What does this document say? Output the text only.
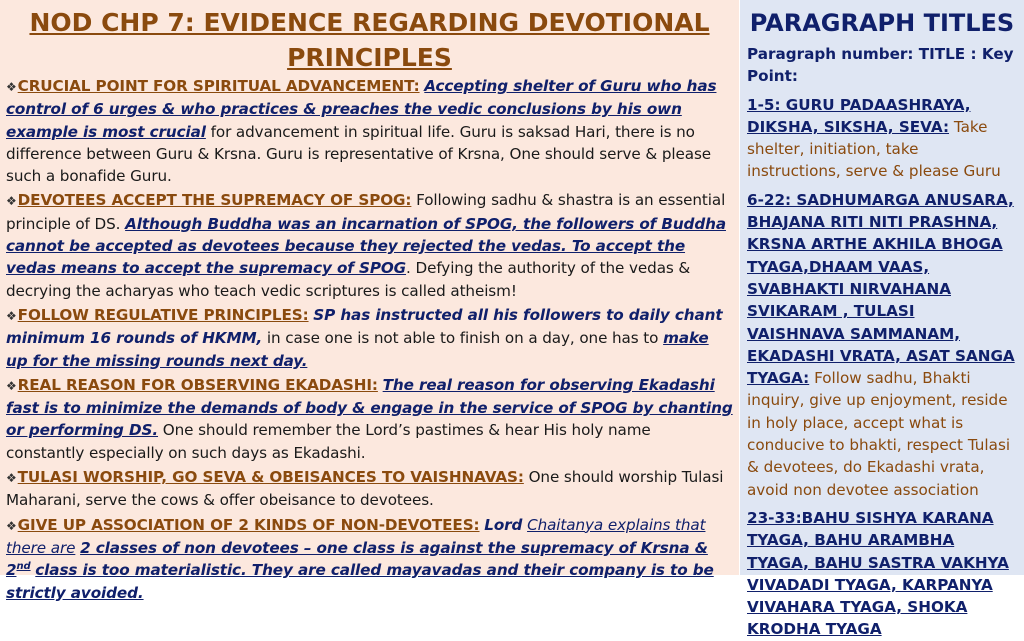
NOD CHP 7: EVIDENCE REGARDING DEVOTIONAL PRINCIPLES
❖CRUCIAL POINT FOR SPIRITUAL ADVANCEMENT: Accepting shelter of Guru who has control of 6 urges & who practices & preaches the vedic conclusions by his own example is most crucial for advancement in spiritual life. Guru is saksad Hari, there is no difference between Guru & Krsna. Guru is representative of Krsna, One should serve & please such a bonafide Guru.
❖DEVOTEES ACCEPT THE SUPREMACY OF SPOG: Following sadhu & shastra is an essential principle of DS. Although Buddha was an incarnation of SPOG, the followers of Buddha cannot be accepted as devotees because they rejected the vedas. To accept the vedas means to accept the supremacy of SPOG. Defying the authority of the vedas & decrying the acharyas who teach vedic scriptures is called atheism!
❖FOLLOW REGULATIVE PRINCIPLES: SP has instructed all his followers to daily chant minimum 16 rounds of HKMM, in case one is not able to finish on a day, one has to make up for the missing rounds next day.
❖REAL REASON FOR OBSERVING EKADASHI: The real reason for observing Ekadashi fast is to minimize the demands of body & engage in the service of SPOG by chanting or performing DS. One should remember the Lord’s pastimes & hear His holy name constantly especially on such days as Ekadashi.
❖TULASI WORSHIP, GO SEVA & OBEISANCES TO VAISHNAVAS: One should worship Tulasi Maharani, serve the cows & offer obeisance to devotees.
❖GIVE UP ASSOCIATION OF 2 KINDS OF NON-DEVOTEES: Lord Chaitanya explains that there are 2 classes of non devotees – one class is against the supremacy of Krsna & 2nd class is too materialistic. They are called mayavadas and their company is to be strictly avoided.
PARAGRAPH TITLES
Paragraph number: TITLE : Key Point:
1-5: GURU PADAASHRAYA, DIKSHA, SIKSHA, SEVA: Take shelter, initiation, take instructions, serve & please Guru
6-22: SADHUMARGA ANUSARA, BHAJANA RITI NITI PRASHNA, KRSNA ARTHE AKHILA BHOGA TYAGA,DHAAM VAAS, SVABHAKTI NIRVAHANA SVIKARAM , TULASI VAISHNAVA SAMMANAM, EKADASHI VRATA, ASAT SANGA TYAGA: Follow sadhu, Bhakti inquiry, give up enjoyment, reside in holy place, accept what is conducive to bhakti, respect Tulasi & devotees, do Ekadashi vrata, avoid non devotee association
23-33:BAHU SISHYA KARANA TYAGA, BAHU ARAMBHA TYAGA, BAHU SASTRA VAKHYA VIVADADI TYAGA, KARPANYA VIVAHARA TYAGA, SHOKA KRODHA TYAGA
